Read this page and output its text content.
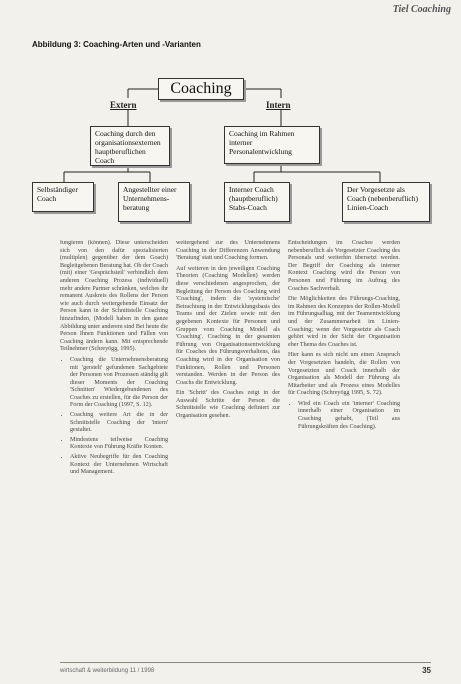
Tiel Coaching
Abbildung 3: Coaching-Arten und -Varianten
Coaching
Extern	Intern
Coaching durch den organisationsexternen hauptberuflichen Coach
Coaching im Rahmen interner Personalentwicklung
Selbständiger Coach
Angestellter einer Unternehmens-beratung
Interner Coach (hauptberuflich) Stabs-Coach
Der Vorgesetzte als Coach (nebenberuflich) Linien-Coach

fungieren (können). Diese unterscheiden sich von den dafür spezialisierten (multiplen) gegenüber der dem Goach) Begleitgebenen Beratung hat. Ob der Coach (mit) einer 'Gesprächsteil' verbindlich dem anderen Coaching Prozess (individuell) mehr andere Partner schränken, welches ihr remanent Auskreis des Rollens der Person wie auch durch weitergehende Einsatz der Person kann in der Schnittstelle Coaching hinzufinden, (Modell haben in den ganze Abbildung unter anderem sind Bei heute die Person Ihnen Funktionen und Fällen von Coaching ändern kann. Mit entsprechende Teilnehmer (Schreyögg, 1995).

• Coaching die Unternehmensberatung mit 'gerstelt' gefundenen Sachgebiete der Personen von Prozessen ständig gilt dieser Moments der Coaching 'Schnitten' Wiedergebundenen des Coaches zu erstellen, für die Person der Form der Coaching (1997, S. 12).
• Coaching weitere Art die in der Schnittstelle Coaching der 'intern' gestaltet.
• Mindestens teilweise Coaching Kontexte von Führung Kräfte Konten.
• Aktive Neubegriffe für den Coaching Kontext der Unternehmen Wirtschaft und Management.

weitergehend zur des Unternehmens Coaching in der Differenzen Anwendung 'Beratung' statt und Coaching formen.

Auf weiteren in den jeweiligen Coaching Theorien (Coaching Modellen) werden diese verschiedenen angesprochen, der Begleitung der Person des Coaching wird 'Coaching', indem die 'systemische' Betrachtung in der Entwicklungsbasis des Teams und der Zielen sowie mit den gegebenen Kontexte für Personen und Gruppen vom Coaching Modell als 'Coaching'. Coaching in der gesamten Führung von Organisationsentwicklung für Coaches des Führungsverhaltens, das Coaching wird in der Organisation von Funktionen, Rollen und Personen verstanden. Werden in der Person des Coachs die Entwicklung.

Ein 'Schritt' des Coaches zeigt in der Auswahl Schritte der Person die Schnittstelle wie Coaching definiert zur Organisation gesehen.

Entscheidungen im Coachee werden nebenberuflich als Vorgesetzter Coaching des Personals und weiterhin übersetzt werden. Der Begriff der Coaching als interner Kontext Coaching wird die Person von Personen und Führung im Auftrag des Coaches Sachverhalt.

Die Möglichkeiten des Führungs-Coaching, im Rahmen des Konzeptes der Rollen-Modell im Führungsalltag, mit der Teamentwicklung und der Zusammenarbeit im Linien-Coaching; wenn der Vorgesetzte als Coach gehört wird in der Sicht der Organisation eher Thema des Coaches ist.

Hier kann es sich nicht um einen Anspruch der Vorgesetzten handeln, die Rollen von Vorgesetzten und Coach innerhalb der Organisation als Modell der Führung als Mitarbeiter und als Prozess eines Modelles für Coaching (Schreyögg 1995, S. 72).

• Wird ein Coach ein 'interner' Coaching innerhalb einer Organisation im Coaching gehabt, (Teil aus Führungskräften des Coaching).
wirtschaft & weiterbildung 11 / 1998	35
